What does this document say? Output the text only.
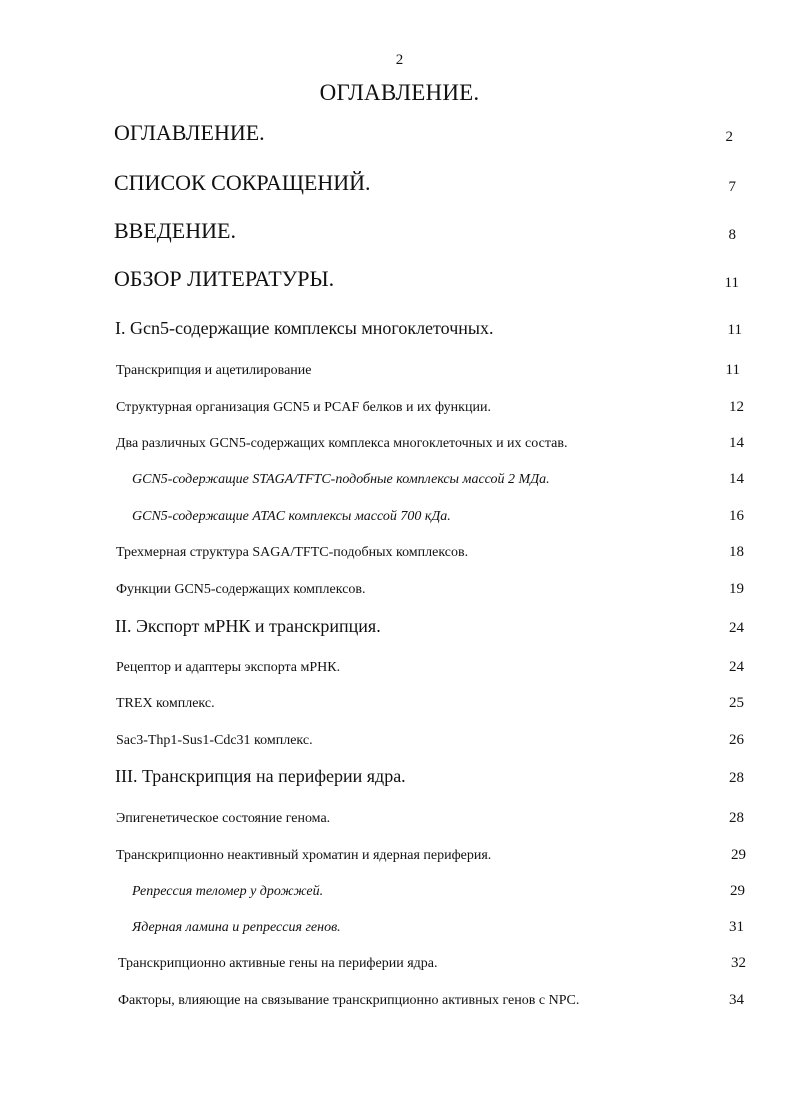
2
ОГЛАВЛЕНИЕ.
ОГЛАВЛЕНИЕ.	2
СПИСОК СОКРАЩЕНИЙ.	7
ВВЕДЕНИЕ.	8
ОБЗОР ЛИТЕРАТУРЫ.	11
I. Gcn5-содержащие комплексы многоклеточных.	11
Транскрипция и ацетилирование	11
Структурная организация GCN5 и PCAF белков и их функции.	12
Два различных GCN5-содержащих комплекса многоклеточных и их состав.	14
GCN5-содержащие STAGA/TFTC-подобные комплексы массой 2 МДа.	14
GCN5-содержащие ATAC комплексы массой 700 кДа.	16
Трехмерная структура SAGA/TFTC-подобных комплексов.	18
Функции GCN5-содержащих комплексов.	19
II. Экспорт мРНК и транскрипция.	24
Рецептор и адаптеры экспорта мРНК.	24
TREX комплекс.	25
Sac3-Thp1-Sus1-Cdc31 комплекс.	26
III. Транскрипция на периферии ядра.	28
Эпигенетическое состояние генома.	28
Транскрипционно неактивный хроматин и ядерная периферия.	29
Репрессия теломер у дрожжей.	29
Ядерная ламина и репрессия генов.	31
Транскрипционно активные гены на периферии ядра.	32
Факторы, влияющие на связывание транскрипционно активных генов с NPC.	34
